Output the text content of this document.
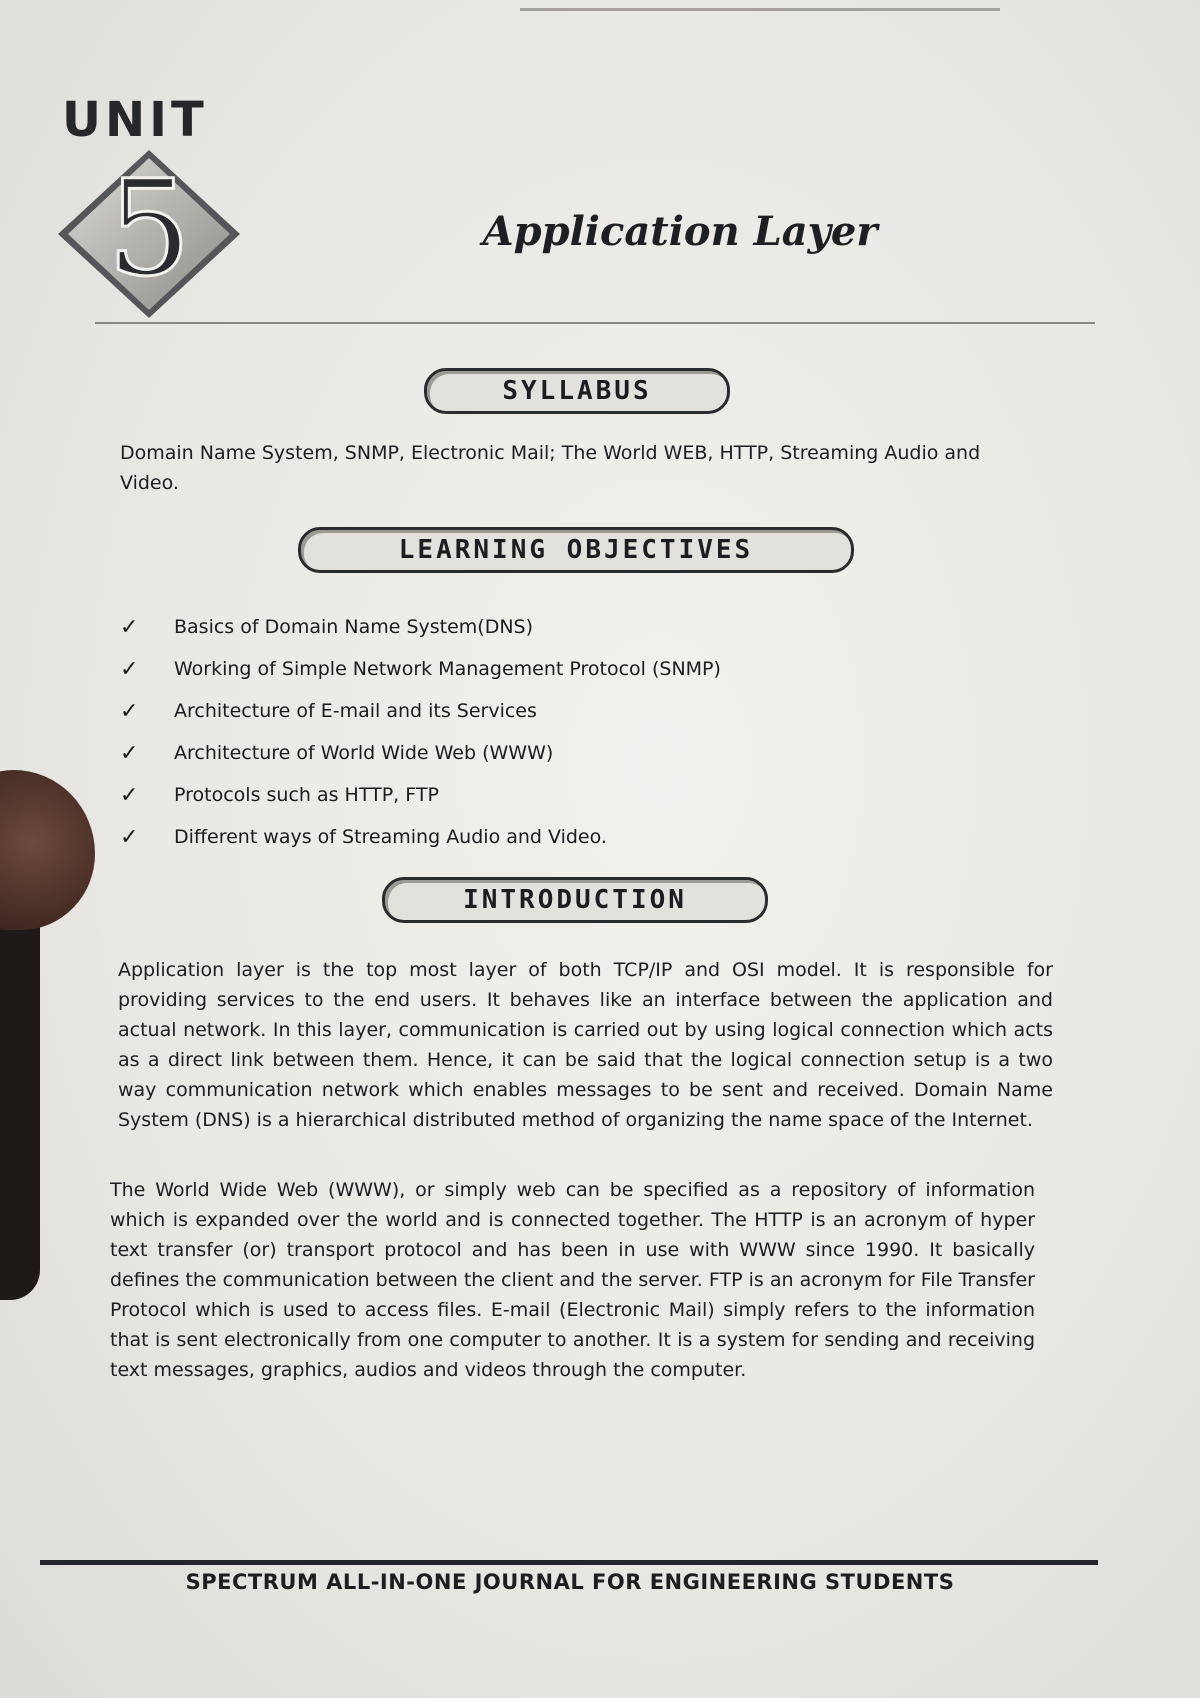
UNIT
5	Application Layer
SYLLABUS

Domain Name System, SNMP, Electronic Mail; The World WEB, HTTP, Streaming Audio and Video.

LEARNING OBJECTIVES
✓	Basics of Domain Name System(DNS)
✓	Working of Simple Network Management Protocol (SNMP)
✓	Architecture of E-mail and its Services
✓	Architecture of World Wide Web (WWW)
✓	Protocols such as HTTP, FTP
✓	Different ways of Streaming Audio and Video.
INTRODUCTION

Application layer is the top most layer of both TCP/IP and OSI model. It is responsible for providing services to the end users. It behaves like an interface between the application and actual network. In this layer, communication is carried out by using logical connection which acts as a direct link between them. Hence, it can be said that the logical connection setup is a two way communication network which enables messages to be sent and received. Domain Name System (DNS) is a hierarchical distributed method of organizing the name space of the Internet.

The World Wide Web (WWW), or simply web can be specified as a repository of information which is expanded over the world and is connected together. The HTTP is an acronym of hyper text transfer (or) transport protocol and has been in use with WWW since 1990. It basically defines the communication between the client and the server. FTP is an acronym for File Transfer Protocol which is used to access files. E-mail (Electronic Mail) simply refers to the information that is sent electronically from one computer to another. It is a system for sending and receiving text messages, graphics, audios and videos through the computer.

SPECTRUM ALL-IN-ONE JOURNAL FOR ENGINEERING STUDENTS
